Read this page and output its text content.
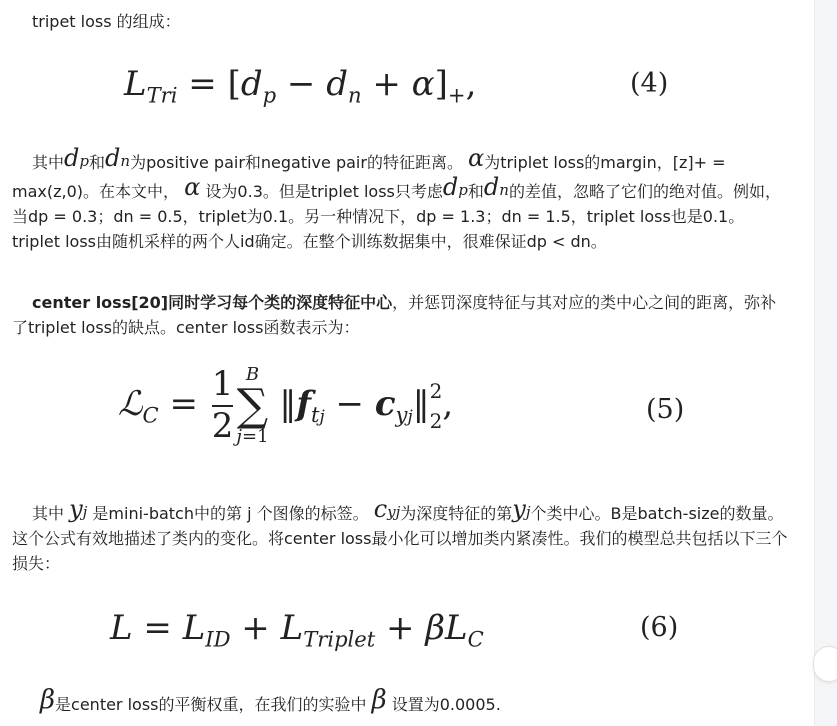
tripet loss 的组成：

$L_{Tri} = [d_p - d_n + \alpha]_+$,	(4)

其中dp和dn为positive pair和negative pair的特征距离。 α为triplet loss的margin，[z]+ = max(z,0)。在本文中， α 设为0.3。但是triplet loss只考虑dp和dn的差值，忽略了它们的绝对值。例如，当dp = 0.3；dn = 0.5，triplet为0.1。另一种情况下，dp = 1.3；dn = 1.5，triplet loss也是0.1。triplet loss由随机采样的两个人id确定。在整个训练数据集中，很难保证dp < dn。

center loss[20]同时学习每个类的深度特征中心，并惩罚深度特征与其对应的类中心之间的距离，弥补了triplet loss的缺点。center loss函数表示为：

ℒ$_C$ = $\frac{1}{2}$ B
∑
j=1
$‖f_{tj}$ − $c_{yj}‖$ 2
2 ,	(5)

其中 yj 是mini-batch中的第 j 个图像的标签。 cyj为深度特征的第yj个类中心。B是batch-size的数量。这个公式有效地描述了类内的变化。将center loss最小化可以增加类内紧凑性。我们的模型总共包括以下三个损失：

$L = L_{ID} + L_{Triplet} + \beta L_C$	(6)

β是center loss的平衡权重，在我们的实验中 β 设置为0.0005.
